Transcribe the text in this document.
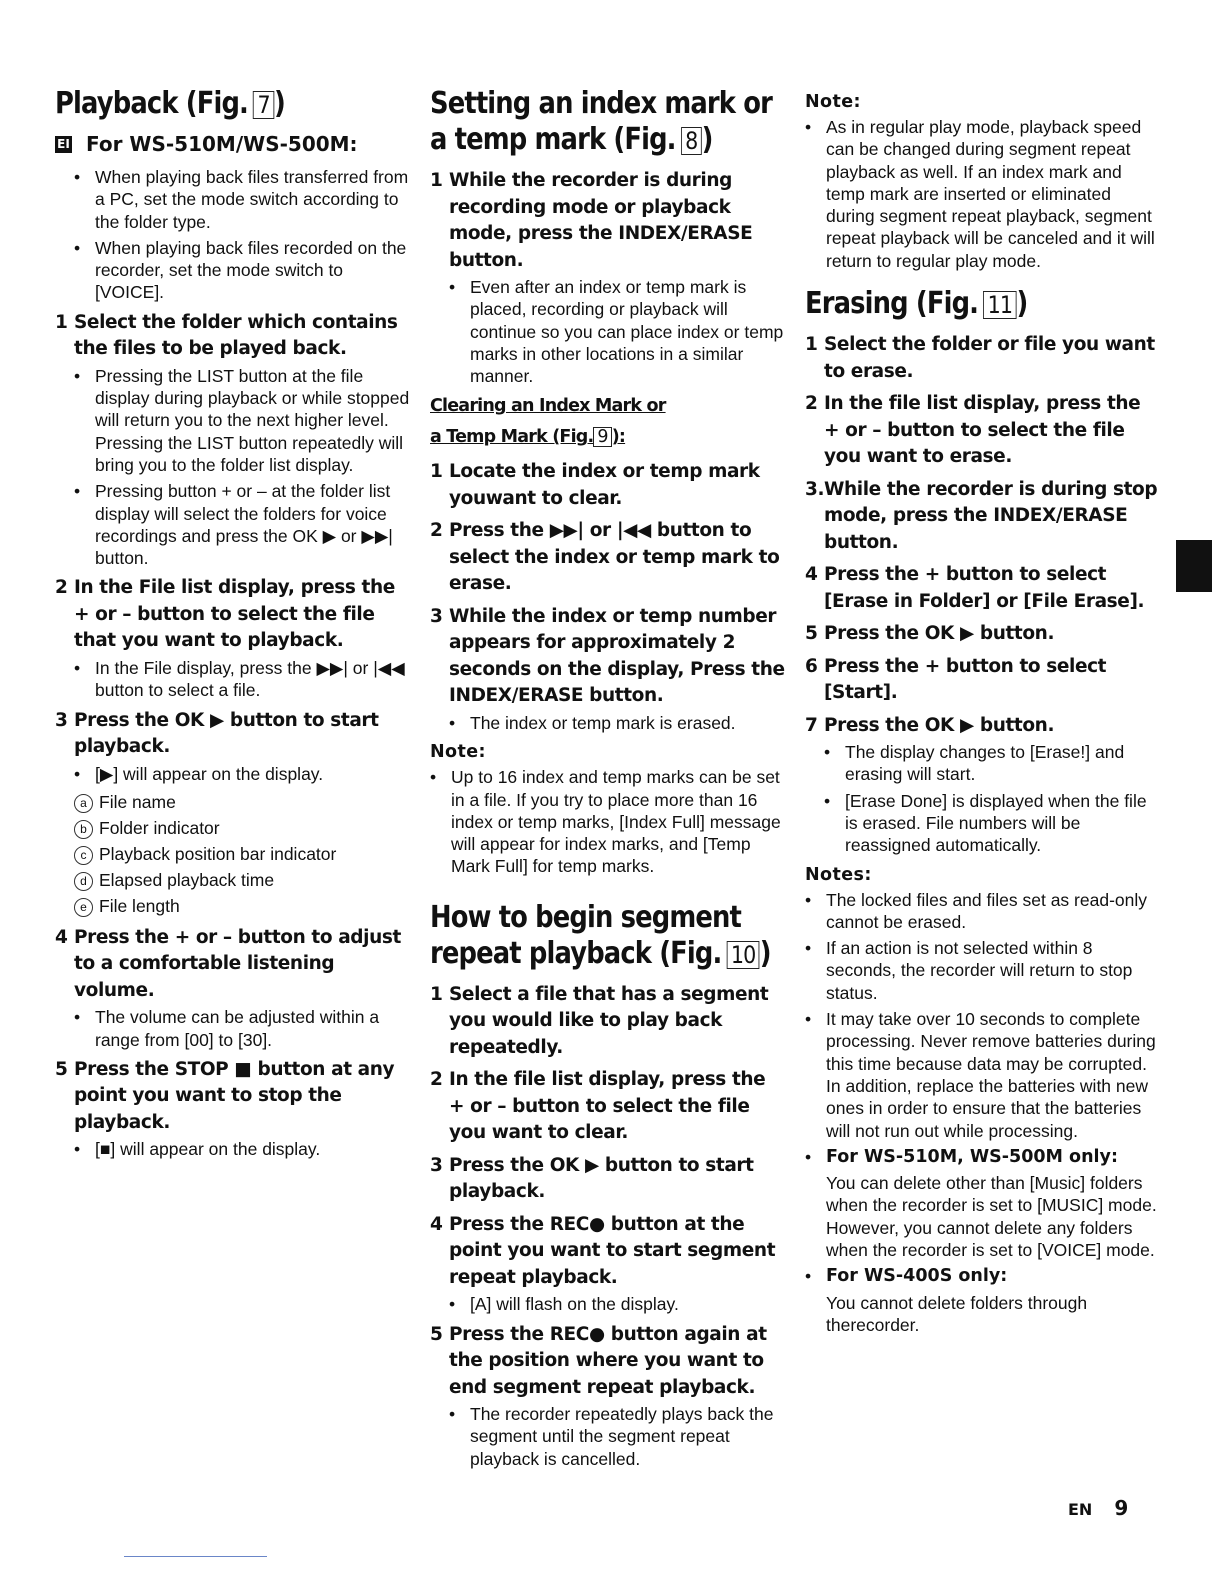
Playback (Fig. 7 )
EI For WS-510M/WS-500M:
• When playing back files transferred from a PC, set the mode switch according to the folder type.
• When playing back files recorded on the recorder, set the mode switch to [VOICE].
1 Select the folder which contains the files to be played back.
• Pressing the LIST button at the file display during playback or while stopped will return you to the next higher level. Pressing the LIST button repeatedly will bring you to the folder list display.
• Pressing button + or – at the folder list display will select the folders for voice recordings and press the OK ▶ or ▶▶| button.
2 In the File list display, press the + or – button to select the file that you want to playback.
• In the File display, press the ▶▶| or |◀◀ button to select a file.
3 Press the OK ▶ button to start playback.
• [▶] will appear on the display.
a File name
b Folder indicator
c Playback position bar indicator
d Elapsed playback time
e File length
4 Press the + or – button to adjust to a comfortable listening volume.
• The volume can be adjusted within a range from [00] to [30].
5 Press the STOP ■ button at any point you want to stop the playback.
• [■] will appear on the display.
Setting an index mark or
a temp mark (Fig. 8 )
1 While the recorder is during recording mode or playback mode, press the INDEX/ERASE button.
• Even after an index or temp mark is placed, recording or playback will continue so you can place index or temp marks in other locations in a similar manner.
Clearing an Index Mark or
a Temp Mark (Fig. 9 ):
1 Locate the index or temp mark youwant to clear.
2 Press the ▶▶| or |◀◀ button to select the index or temp mark to erase.
3 While the index or temp number appears for approximately 2 seconds on the display, Press the INDEX/ERASE button.
• The index or temp mark is erased.
Note:
• Up to 16 index and temp marks can be set in a file. If you try to place more than 16 index or temp marks, [Index Full] message will appear for index marks, and [Temp Mark Full] for temp marks.
How to begin segment
repeat playback (Fig. 10 )
1 Select a file that has a segment you would like to play back repeatedly.
2 In the file list display, press the + or – button to select the file you want to clear.
3 Press the OK ▶ button to start playback.
4 Press the REC● button at the point you want to start segment repeat playback.
• [A] will flash on the display.
5 Press the REC● button again at the position where you want to end segment repeat playback.
• The recorder repeatedly plays back the segment until the segment repeat playback is cancelled.
Note:
• As in regular play mode, playback speed can be changed during segment repeat playback as well. If an index mark and temp mark are inserted or eliminated during segment repeat playback, segment repeat playback will be canceled and it will return to regular play mode.
Erasing (Fig. 11 )
1 Select the folder or file you want to erase.
2 In the file list display, press the + or – button to select the file you want to erase.
3. While the recorder is during stop mode, press the INDEX/ERASE button.
4 Press the + button to select [Erase in Folder] or [File Erase].
5 Press the OK ▶ button.
6 Press the + button to select [Start].
7 Press the OK ▶ button.
• The display changes to [Erase!] and erasing will start.
• [Erase Done] is displayed when the file is erased. File numbers will be reassigned automatically.
Notes:
• The locked files and files set as read-only cannot be erased.
• If an action is not selected within 8 seconds, the recorder will return to stop status.
• It may take over 10 seconds to complete processing. Never remove batteries during this time because data may be corrupted. In addition, replace the batteries with new ones in order to ensure that the batteries will not run out while processing.
• For WS-510M, WS-500M only:
You can delete other than [Music] folders when the recorder is set to [MUSIC] mode. However, you cannot delete any folders when the recorder is set to [VOICE] mode.
• For WS-400S only:
You cannot delete folders through therecorder.
EN 9
